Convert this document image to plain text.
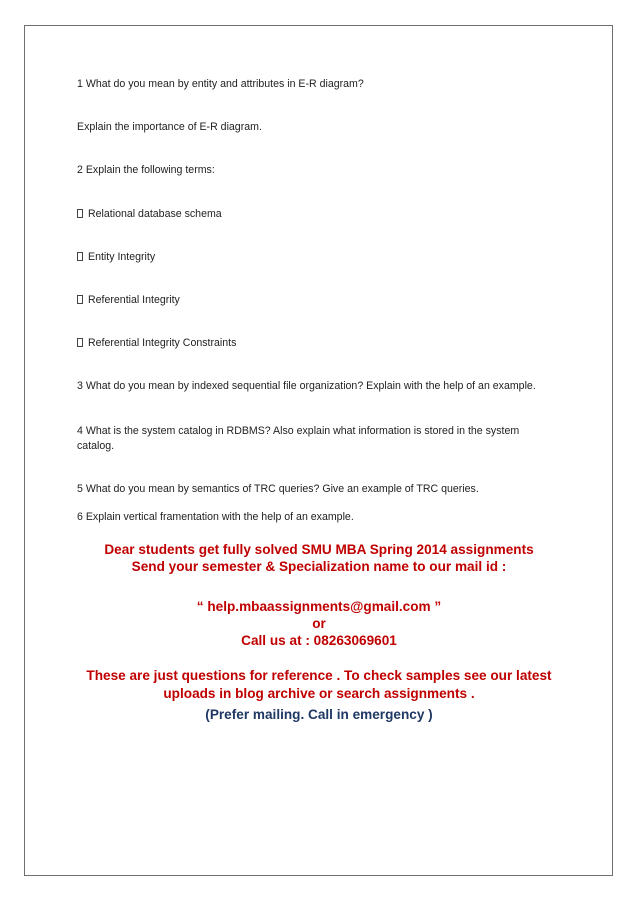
1 What do you mean by entity and attributes in E-R diagram?

Explain the importance of E-R diagram.

2 Explain the following terms:

Relational database schema

Entity Integrity

Referential Integrity

Referential Integrity Constraints

3 What do you mean by indexed sequential file organization? Explain with the help of an example.

4 What is the system catalog in RDBMS? Also explain what information is stored in the system

catalog.

5 What do you mean by semantics of TRC queries? Give an example of TRC queries.

6 Explain vertical framentation with the help of an example.

Dear students get fully solved SMU MBA Spring 2014 assignments

Send your semester & Specialization name to our mail id :

“ help.mbaassignments@gmail.com ”

or

Call us at : 08263069601

These are just questions for reference . To check samples see our latest

uploads in blog archive or search assignments .

(Prefer mailing. Call in emergency )
